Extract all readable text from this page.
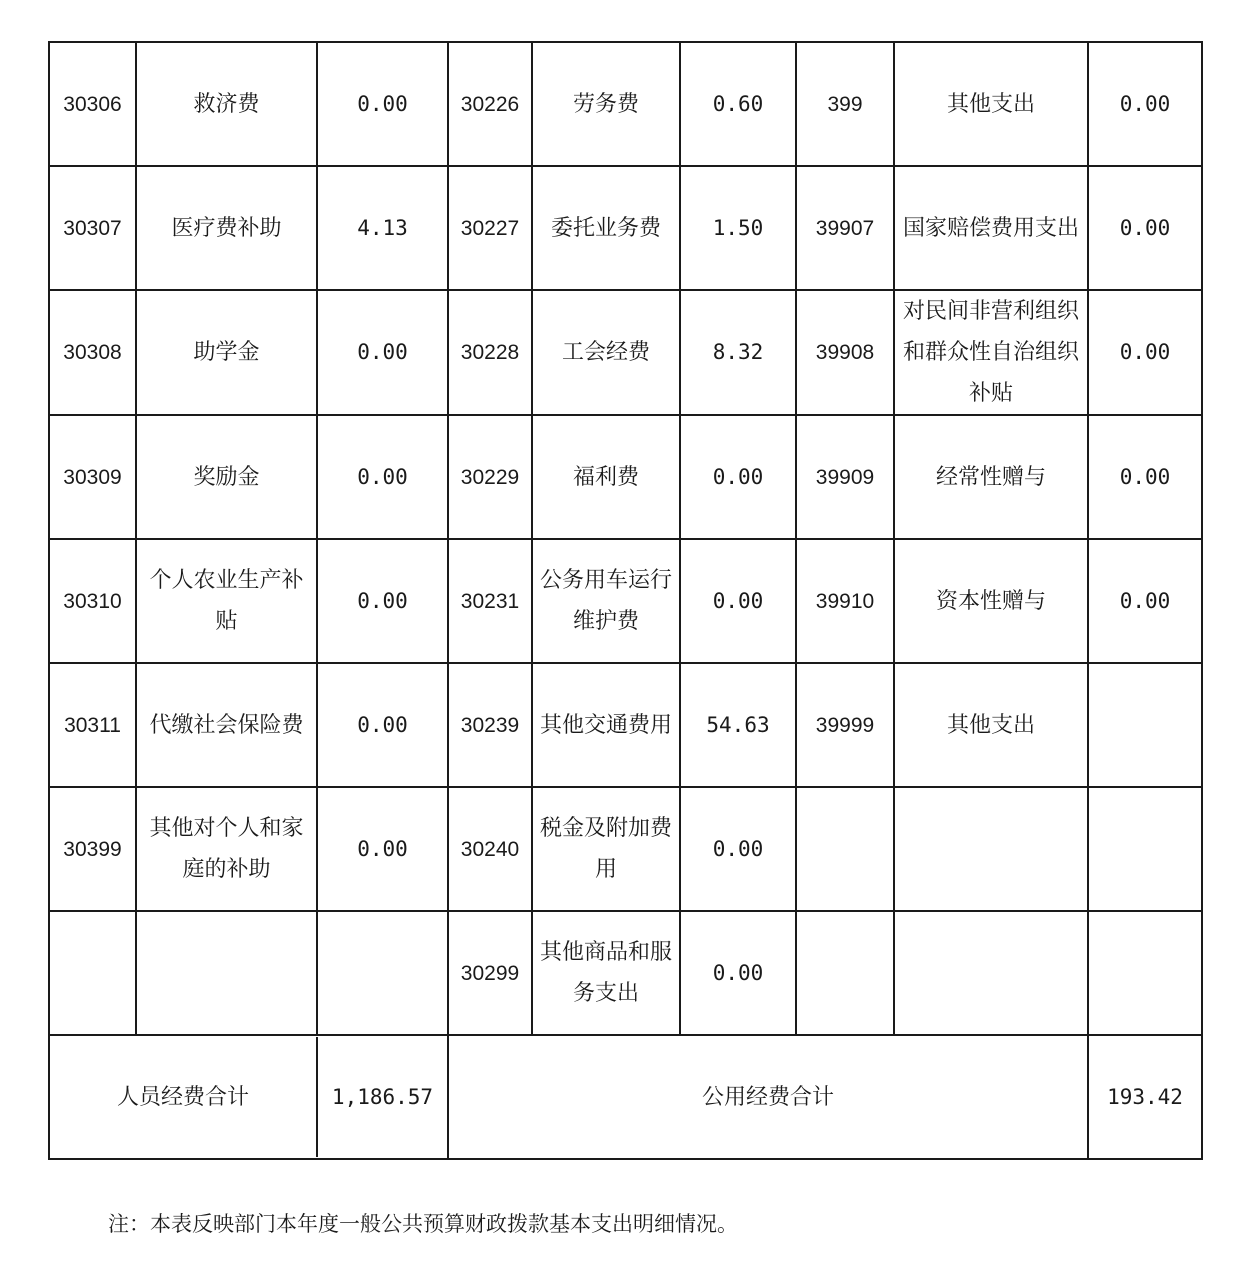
30306	救济费	0.00	30226	劳务费	0.60	399	其他支出	0.00
30307	医疗费补助	4.13	30227	委托业务费	1.50	39907	国家赔偿费用支出	0.00
30308	助学金	0.00	30228	工会经费	8.32	39908	对民间非营利组织和群众性自治组织补贴	0.00
30309	奖励金	0.00	30229	福利费	0.00	39909	经常性赠与	0.00
30310	个人农业生产补贴	0.00	30231	公务用车运行维护费	0.00	39910	资本性赠与	0.00
30311	代缴社会保险费	0.00	30239	其他交通费用	54.63	39999	其他支出	
30399	其他对个人和家庭的补助	0.00	30240	税金及附加费用	0.00			
			30299	其他商品和服务支出	0.00			

人员经费合计 1,186.57			公用经费合计					193.42
注：本表反映部门本年度一般公共预算财政拨款基本支出明细情况。
